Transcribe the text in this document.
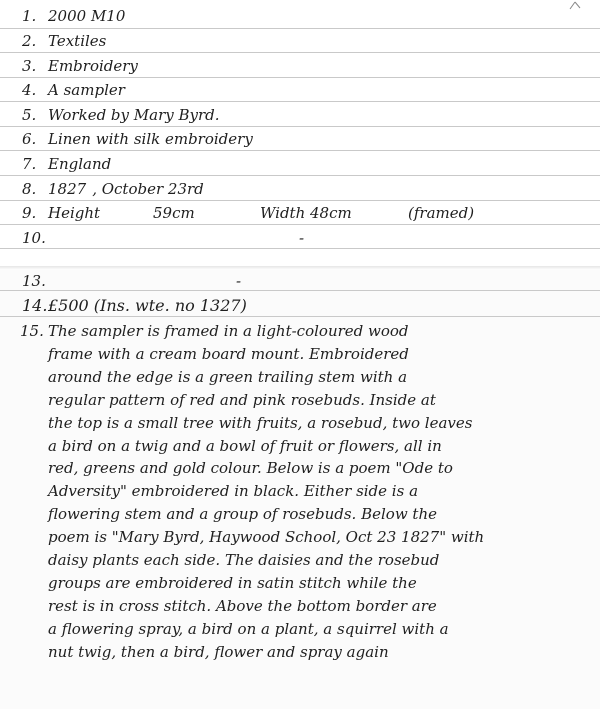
1. 2000 M10
2. Textiles
3. Embroidery
4. A sampler
5. Worked by Mary Byrd.
6. Linen with silk embroidery
7. England
8. 1827 , October 23rd
9. Height	59cm	Width 48cm	(framed)
10.	-
13.	-
14.£500 (Ins. wte. no 1327)
15. The sampler is framed in a light-coloured wood
frame with a cream board mount. Embroidered
around the edge is a green trailing stem with a
regular pattern of red and pink rosebuds. Inside at
the top is a small tree with fruits, a rosebud, two leaves
a bird on a twig and a bowl of fruit or flowers, all in
red, greens and gold colour. Below is a poem "Ode to
Adversity" embroidered in black. Either side is a
flowering stem and a group of rosebuds. Below the
poem is "Mary Byrd, Haywood School, Oct 23 1827" with
daisy plants each side. The daisies and the rosebud
groups are embroidered in satin stitch while the
rest is in cross stitch. Above the bottom border are
a flowering spray, a bird on a plant, a squirrel with a
nut twig, then a bird, flower and spray again
